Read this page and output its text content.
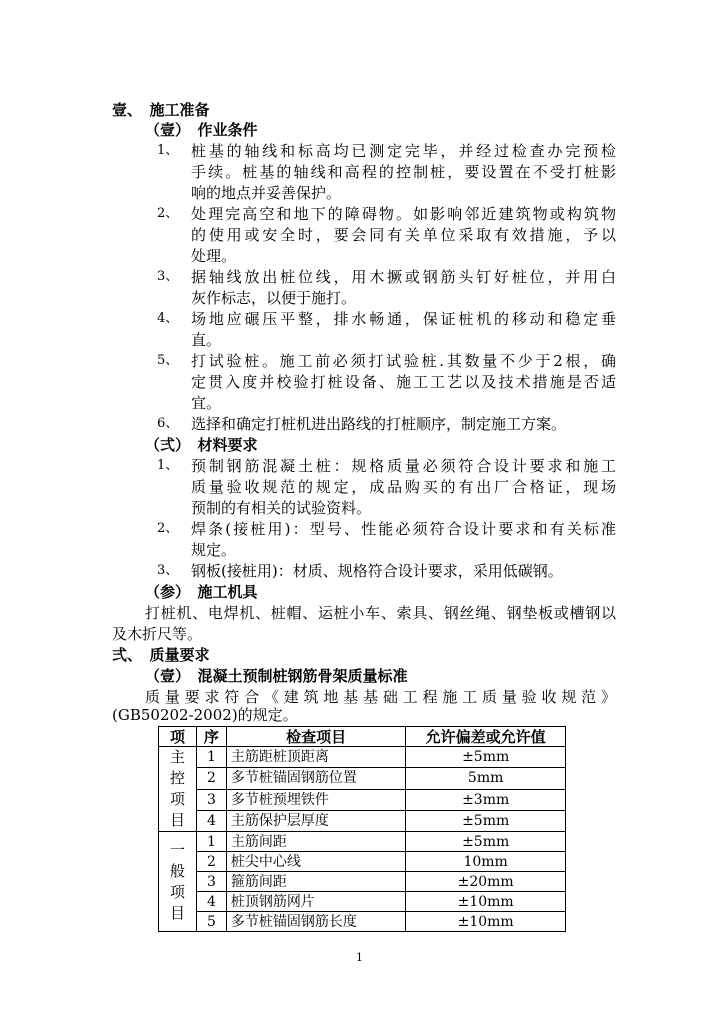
壹、　施工准备
（壹）　作业条件
1、 桩基的轴线和标高均已测定完毕，并经过检查办完预检
手续。桩基的轴线和高程的控制桩，要设置在不受打桩影
响的地点并妥善保护。
2、 处理完高空和地下的障碍物。如影响邻近建筑物或构筑物
的使用或安全时，要会同有关单位采取有效措施，予以
处理。
3、 据轴线放出桩位线，用木撅或钢筋头钉好桩位，并用白
灰作标志，以便于施打。
4、 场地应碾压平整，排水畅通，保证桩机的移动和稳定垂
直。
5、 打试验桩。施工前必须打试验桩.其数量不少于2根，确
定贯入度并校验打桩设备、施工工艺以及技术措施是否适
宜。
6、 选择和确定打桩机进出路线的打桩顺序，制定施工方案。
（弍）　材料要求
1、 预制钢筋混凝土桩：规格质量必须符合设计要求和施工
质量验收规范的规定，成品购买的有出厂合格证，现场
预制的有相关的试验资料。
2、 焊条(接桩用)：型号、性能必须符合设计要求和有关标准
规定。
3、 钢板(接桩用)：材质、规格符合设计要求，采用低碳钢。
（参）　施工机具
打桩机、电焊机、桩帽、运桩小车、索具、钢丝绳、钢垫板或槽钢以
及木折尺等。
弍、　质量要求
（壹）　混凝土预制桩钢筋骨架质量标准
质量要求符合《建筑地基基础工程施工质量验收规范》
(GB50202-2002)的规定。
项	序	检查项目	允许偏差或允许值

主
控
项
目	1	主筋距桩顶距离	±5mm
	2	多节桩锚固钢筋位置	5mm
	3	多节桩预埋铁件	±3mm
	4	主筋保护层厚度	±5mm

一
般
项
目	1	主筋间距	±5mm
	2	桩尖中心线	10mm
	3	箍筋间距	±20mm
	4	桩顶钢筋网片	±10mm
	5	多节桩锚固钢筋长度	±10mm
1
